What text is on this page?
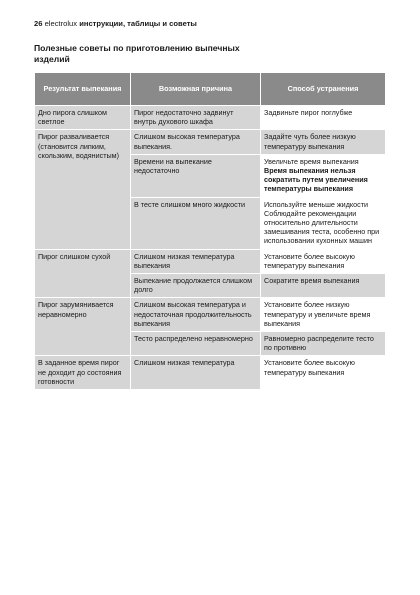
26 electrolux инструкции, таблицы и советы
Полезные советы по приготовлению выпечных изделий
Результат выпекания	Возможная причина	Способ устранения
Дно пирога слишком светлое	Пирог недостаточно задвинут внутрь духового шкафа	Задвиньте пирог поглубже
Пирог разваливается (становится липким, скользким, водянистым)	Слишком высокая температура выпекания.	Задайте чуть более низкую температуру выпекания
	Времени на выпекание недостаточно	Увеличьте время выпекания
Время выпекания нельзя сократить путем увеличения температуры выпекания

	В тесте слишком много жидкости	Используйте меньше жидкости Соблюдайте рекомендации относительно длительности замешивания теста, особенно при использовании кухонных машин
Пирог слишком сухой	Слишком низкая температура выпекания	Установите более высокую температуру выпекания
	Выпекание продолжается слишком долго	Сократите время выпекания
Пирог зарумянивается неравномерно	Слишком высокая температура и недостаточная продолжительность выпекания	Установите более низкую температуру и увеличьте время выпекания
	Тесто распределено неравномерно	Равномерно распределите тесто по противню
В заданное время пирог не доходит до состояния готовности	Слишком низкая температура	Установите более высокую температуру выпекания
